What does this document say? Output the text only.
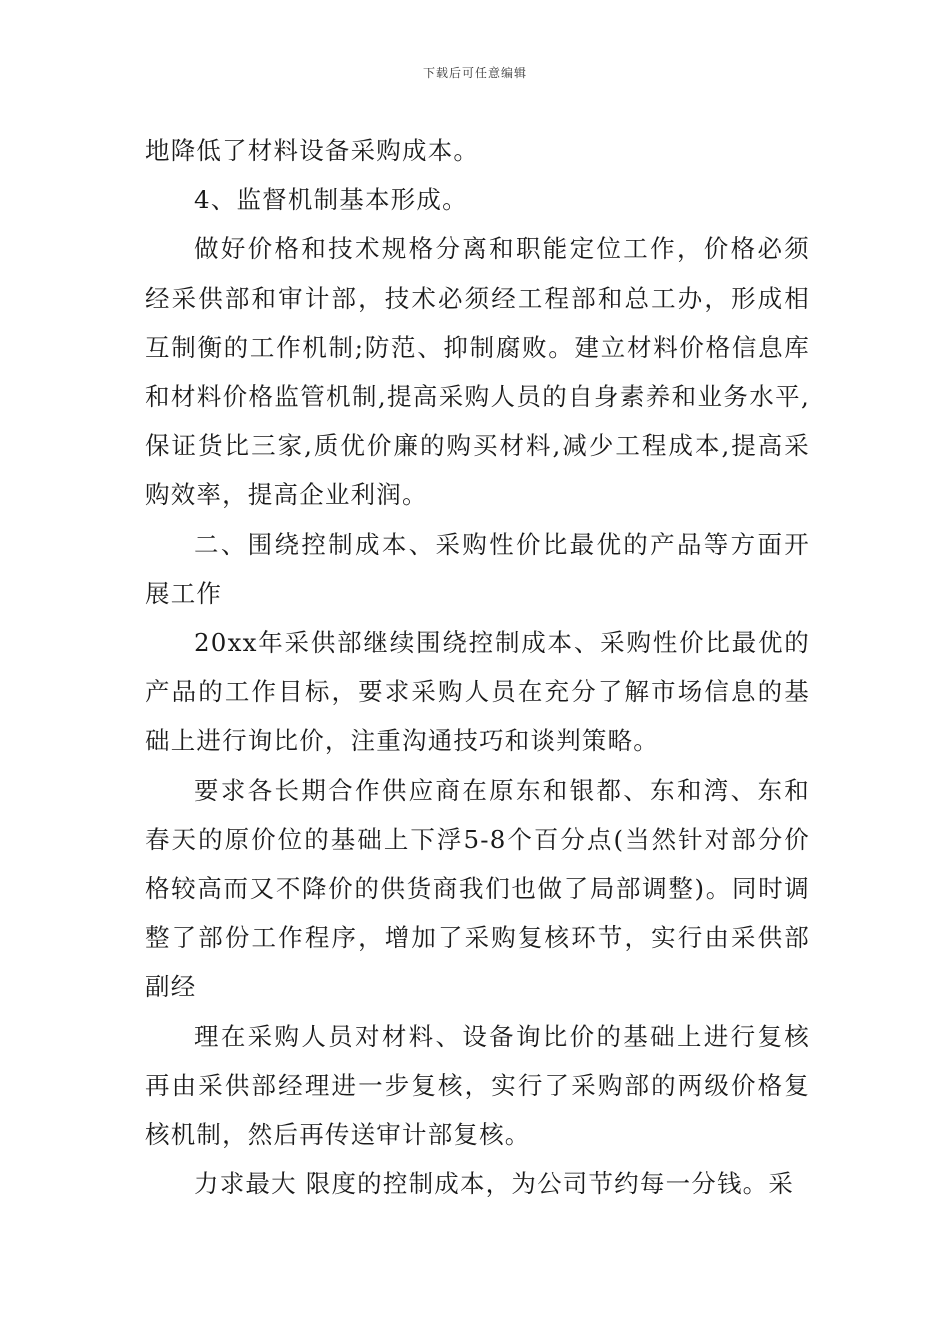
下载后可任意编辑

地降低了材料设备采购成本。

4、监督机制基本形成。

做好价格和技术规格分离和职能定位工作，价格必须经采供部和审计部，技术必须经工程部和总工办，形成相互制衡的工作机制;防范、抑制腐败。建立材料价格信息库和材料价格监管机制,提高采购人员的自身素养和业务水平,保证货比三家,质优价廉的购买材料,减少工程成本,提高采购效率，提高企业利润。

二、围绕控制成本、采购性价比最优的产品等方面开展工作

20xx年采供部继续围绕控制成本、采购性价比最优的产品的工作目标，要求采购人员在充分了解市场信息的基础上进行询比价，注重沟通技巧和谈判策略。

要求各长期合作供应商在原东和银都、东和湾、东和春天的原价位的基础上下浮5-8个百分点(当然针对部分价格较高而又不降价的供货商我们也做了局部调整)。同时调整了部份工作程序，增加了采购复核环节，实行由采供部副经

理在采购人员对材料、设备询比价的基础上进行复核再由采供部经理进一步复核，实行了采购部的两级价格复核机制，然后再传送审计部复核。

力求最大 限度的控制成本，为公司节约每一分钱。采
